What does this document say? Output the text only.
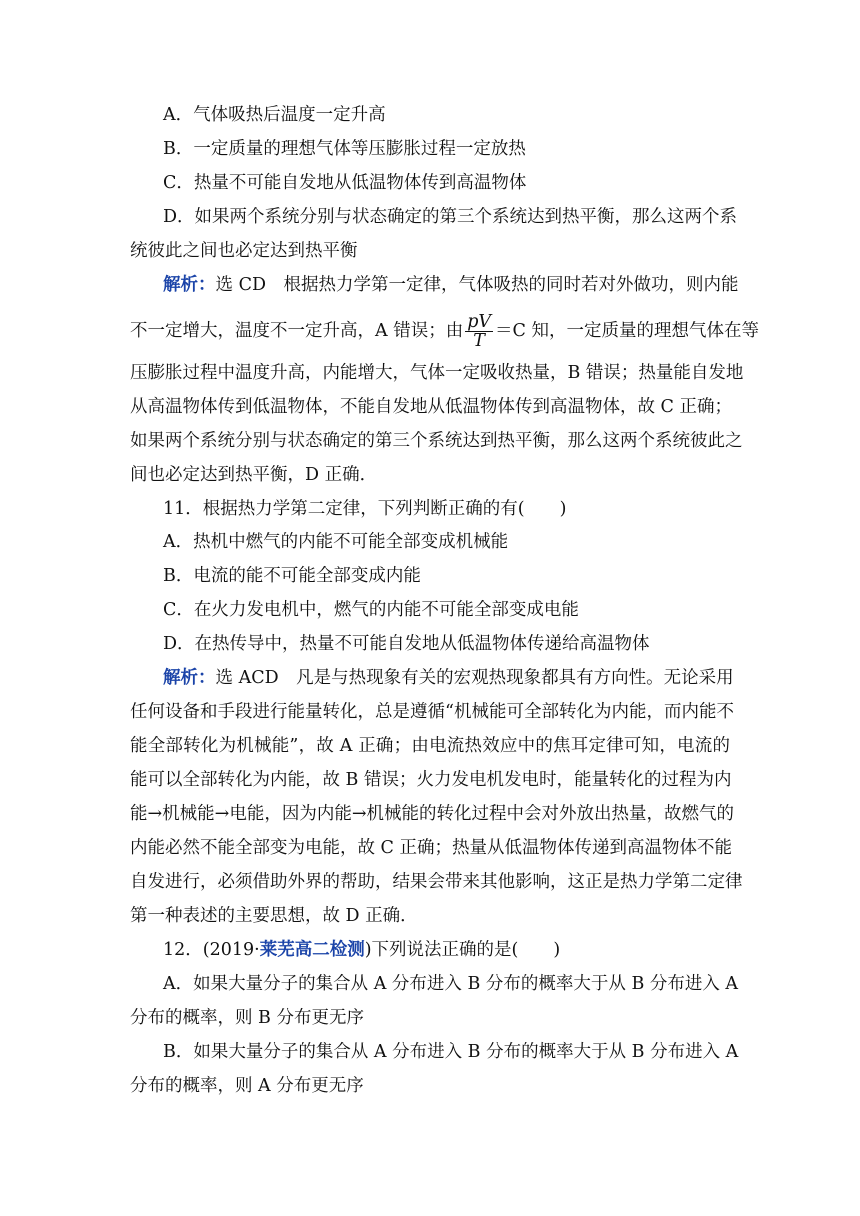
A．气体吸热后温度一定升高
B．一定质量的理想气体等压膨胀过程一定放热
C．热量不可能自发地从低温物体传到高温物体
D．如果两个系统分别与状态确定的第三个系统达到热平衡，那么这两个系
统彼此之间也必定达到热平衡
解析：选 CD　根据热力学第一定律，气体吸热的同时若对外做功，则内能
不一定增大，温度不一定升高，A 错误；由 $\frac{pV}{T} =C$ 知，一定质量的理想气体在等
压膨胀过程中温度升高，内能增大，气体一定吸收热量，B 错误；热量能自发地
从高温物体传到低温物体，不能自发地从低温物体传到高温物体，故 C 正确；
如果两个系统分别与状态确定的第三个系统达到热平衡，那么这两个系统彼此之
间也必定达到热平衡，D 正确．
11．根据热力学第二定律，下列判断正确的有(　　)
A．热机中燃气的内能不可能全部变成机械能
B．电流的能不可能全部变成内能
C．在火力发电机中，燃气的内能不可能全部变成电能
D．在热传导中，热量不可能自发地从低温物体传递给高温物体
解析：选 ACD　凡是与热现象有关的宏观热现象都具有方向性。无论采用
任何设备和手段进行能量转化，总是遵循“机械能可全部转化为内能，而内能不
能全部转化为机械能”，故 A 正确；由电流热效应中的焦耳定律可知，电流的
能可以全部转化为内能，故 B 错误；火力发电机发电时，能量转化的过程为内
能→机械能→电能，因为内能→机械能的转化过程中会对外放出热量，故燃气的
内能必然不能全部变为电能，故 C 正确；热量从低温物体传递到高温物体不能
自发进行，必须借助外界的帮助，结果会带来其他影响，这正是热力学第二定律
第一种表述的主要思想，故 D 正确．
12．(2019·莱芜高二检测)下列说法正确的是(　　)
A．如果大量分子的集合从 A 分布进入 B 分布的概率大于从 B 分布进入 A
分布的概率，则 B 分布更无序
B．如果大量分子的集合从 A 分布进入 B 分布的概率大于从 B 分布进入 A
分布的概率，则 A 分布更无序
